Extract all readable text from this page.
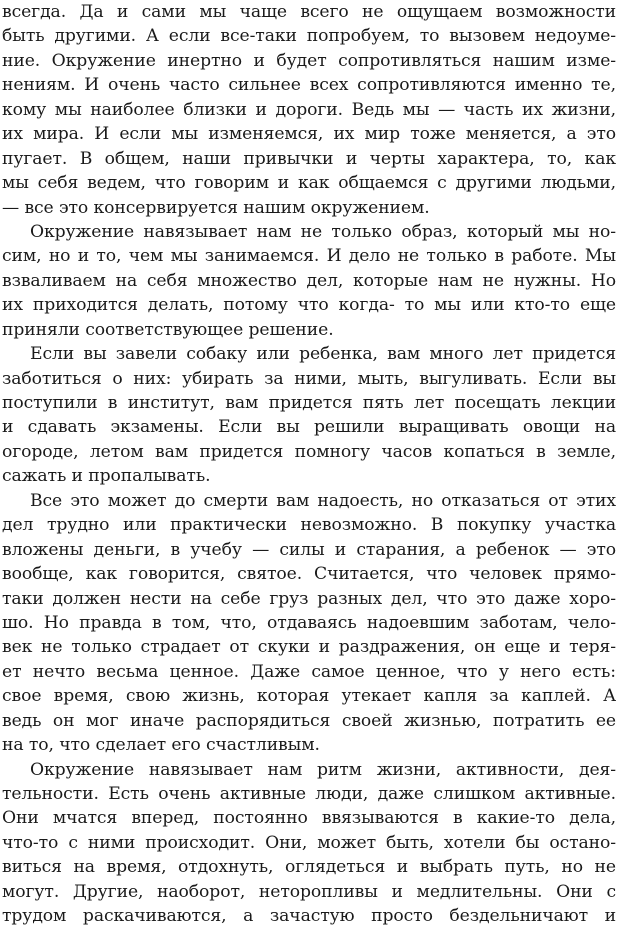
всегда. Да и сами мы чаще всего не ощущаем возможности
быть другими. А если все-таки попробуем, то вызовем недоуме-
ние. Окружение инертно и будет сопротивляться нашим изме-
нениям. И очень часто сильнее всех сопротивляются именно те,
кому мы наиболее близки и дороги. Ведь мы — часть их жизни,
их мира. И если мы изменяемся, их мир тоже меняется, а это
пугает. В общем, наши привычки и черты характера, то, как
мы себя ведем, что говорим и как общаемся с другими людьми,
— все это консервируется нашим окружением.
Окружение навязывает нам не только образ, который мы но-
сим, но и то, чем мы занимаемся. И дело не только в работе. Мы
взваливаем на себя множество дел, которые нам не нужны. Но
их приходится делать, потому что когда- то мы или кто-то еще
приняли соответствующее решение.
Если вы завели собаку или ребенка, вам много лет придется
заботиться о них: убирать за ними, мыть, выгуливать. Если вы
поступили в институт, вам придется пять лет посещать лекции
и сдавать экзамены. Если вы решили выращивать овощи на
огороде, летом вам придется помногу часов копаться в земле,
сажать и пропалывать.
Все это может до смерти вам надоесть, но отказаться от этих
дел трудно или практически невозможно. В покупку участка
вложены деньги, в учебу — силы и старания, а ребенок — это
вообще, как говорится, святое. Считается, что человек прямо-
таки должен нести на себе груз разных дел, что это даже хоро-
шо. Но правда в том, что, отдаваясь надоевшим заботам, чело-
век не только страдает от скуки и раздражения, он еще и теря-
ет нечто весьма ценное. Даже самое ценное, что у него есть:
свое время, свою жизнь, которая утекает капля за каплей. А
ведь он мог иначе распорядиться своей жизнью, потратить ее
на то, что сделает его счастливым.
Окружение навязывает нам ритм жизни, активности, дея-
тельности. Есть очень активные люди, даже слишком активные.
Они мчатся вперед, постоянно ввязываются в какие-то дела,
что-то с ними происходит. Они, может быть, хотели бы остано-
виться на время, отдохнуть, оглядеться и выбрать путь, но не
могут. Другие, наоборот, неторопливы и медлительны. Они с
трудом раскачиваются, а зачастую просто бездельничают и
